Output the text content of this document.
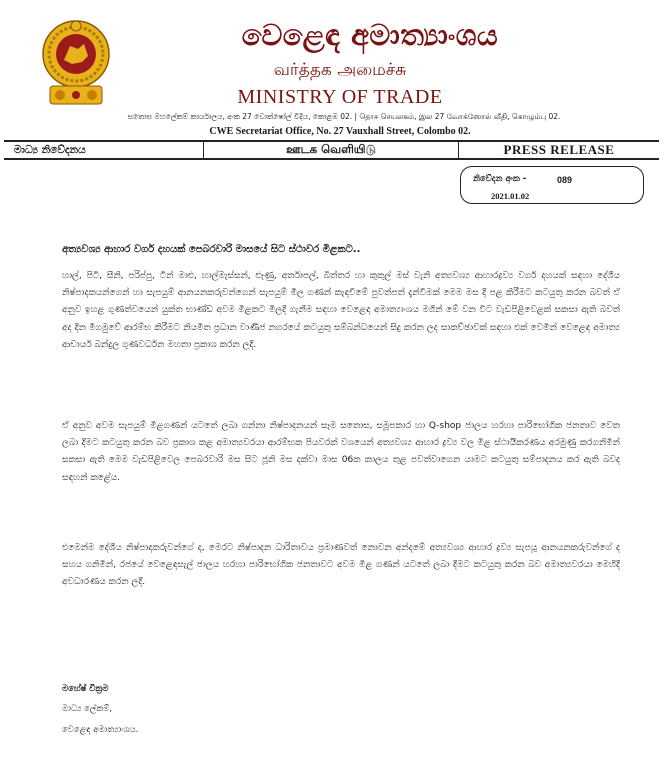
වෙළෙඳ අමාත්‍යාංශය
வர்த்தக அமைச்சு
MINISTRY OF TRADE
සතොස මහලේකම් කාර්යාලය, අංක 27 වොක්ෂෝල් වීදිය, කොළඹ 02. | தொச செயலகம், இல 27 வோக்ஸோல் வீதி, கொழும்பு 02.
CWE Secretariat Office, No. 27 Vauxhall Street, Colombo 02.
මාධ්‍ය නිවේදනය	ஊடக வெளியிடு	PRESS RELEASE
නිවේදන අංක -	089
2021.01.02
අත්‍යවශ්‍ය ආහාර වර්ග දහයක් පෙබරවාරි මාසයේ සිට ස්ථාවර මිළකට..

හාල්, පිටි, සීනි, පරිප්පු, ටින් මාළු, හාල්මැස්සන්, ළූණු, අර්තාපල්, බිත්තර හා කුකුල් මස් වැනි අත්‍යවශ්‍ය ආහාරද්‍රව්‍ය වර්ග දහයක් සඳහා දේශීය නිෂ්පාදකයන්ගෙන් හා සැපයුම් ආනයනකරුවන්ගෙන් සැපයුම් මිල ගණන් කැඳවීමේ පුවත්පත් දැන්වීමක් මෙම මස දී පළ කිරීමට කටයුතු කරන බවත් ඒ අනුව ඉහළ ගුණත්වයෙන් යුක්ත භාණ්ඩ අවම මිළකට මිලදී ගැනීම සඳහා වෙළෙඳ අමාත්‍යාංශය මගින් මේ වන විට වැඩපිළිවෙළක් සකසා ඇති බවත් අද දින මීගමුවේ ආරම්භ කිරීමට නියමිත ප්‍රධාන වාණිජ නගරයේ කටයුතු සම්බන්ධයෙන් සිදු කරන ලද සාකච්ඡාවක් සඳහා එක් වෙමින් වෙළෙඳ අමාත්‍ය ආචාර්ය බන්දුල ගුණවර්ධන මහතා ප්‍රකාශ කරන ලදී.

ඒ අනුව අවම සැපයුම් මිළගණන් යටතේ ලබා ගන්නා නිෂ්පාදනයන් සෑම සතොස, සමූපකාර හා Q-shop ජාලය හරහා පාරිභෝගික ජනතාව වෙත ලබා දීමට කටයුතු කරන බව ප්‍රකාශ කළ අමාත්‍යවරයා ආරම්භක පියවරක් වශයෙන් අත්‍යවශ්‍ය ආහාර ද්‍රව්‍ය වල මිළ ස්ථායීකරණය අරමුණු කරගනිමින් සකසා ඇති මෙම වැඩපිළිවෙල පෙබරවාරි මස සිට ජූනි මස දක්වා මාස 06ක කාලය තුළ පවත්වාගෙන යාමට කටයුතු සම්පාදනය කර ඇති බවද සඳහන් කළේය.

එමෙන්ම දේශීය නිෂ්පාදකරුවන්ගේ ද, මෙරට නිෂ්පාදන ධාරිතාවය ප්‍රමාණවත් නොවන අන්දමේ අත්‍යවශ්‍ය ආහාර ද්‍රව්‍ය සැපයූ ආනයනකරුවන්ගේ ද සහය ගනිමින්, රජයේ වෙළෙඳසැල් ජාලය හරහා පාරිභෝගික ජනතාවට අවම මිළ ගණන් යටතේ ලබා දීමට කටයුතු කරන බව අමාත්‍යවරයා මෙහිදී අවධාරණය කරන ලදී.

මහේෂ් වික්‍රම
මාධ්‍ය ලේකම්,
වෙළෙඳ අමාත්‍යාංශය.
